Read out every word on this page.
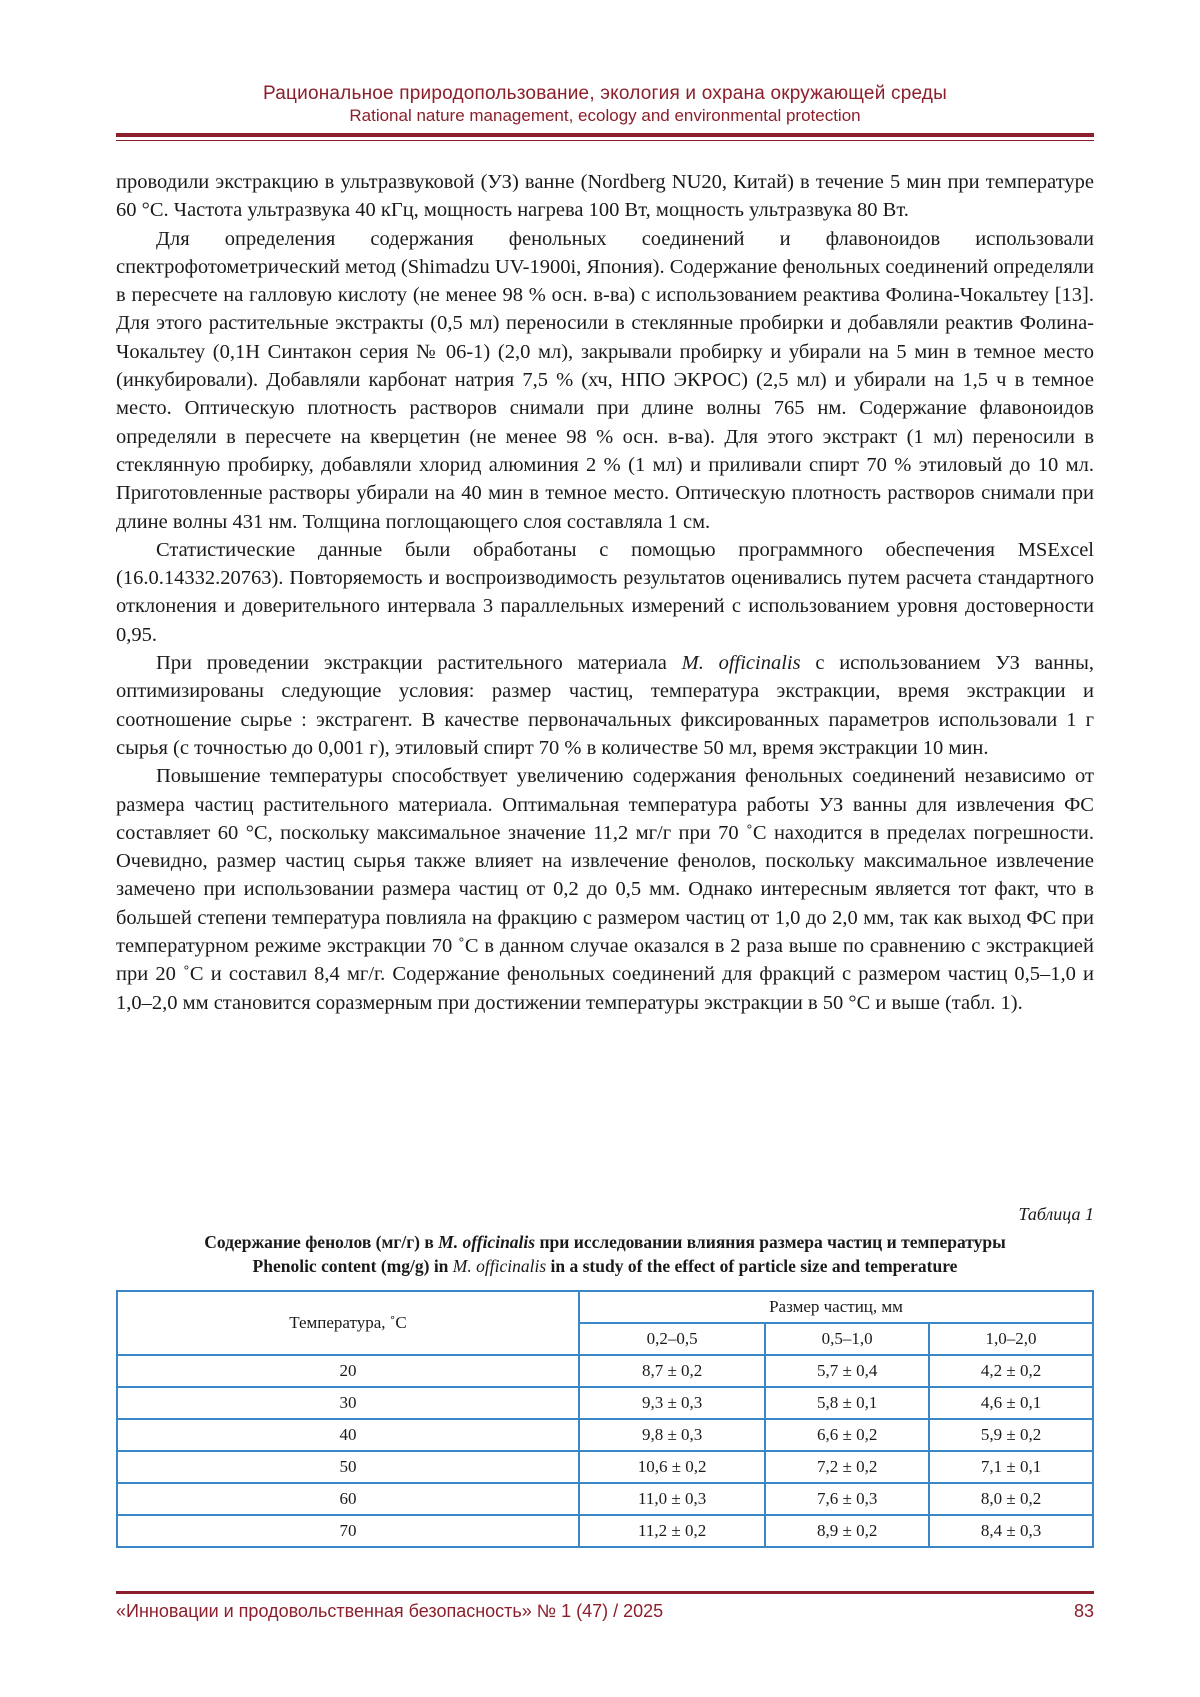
Рациональное природопользование, экология и охрана окружающей среды
Rational nature management, ecology and environmental protection

проводили экстракцию в ультразвуковой (УЗ) ванне (Nordberg NU20, Китай) в течение 5 мин при температуре 60 °С. Частота ультразвука 40 кГц, мощность нагрева 100 Вт, мощность ультразвука 80 Вт.

Для определения содержания фенольных соединений и флавоноидов использовали спектрофотометрический метод (Shimadzu UV-1900i, Япония). Содержание фенольных соединений определяли в пересчете на галловую кислоту (не менее 98 % осн. в-ва) с использованием реактива Фолина-Чокальтеу [13]. Для этого растительные экстракты (0,5 мл) переносили в стеклянные пробирки и добавляли реактив Фолина-Чокальтеу (0,1Н Синтакон серия № 06-1) (2,0 мл), закрывали пробирку и убирали на 5 мин в темное место (инкубировали). Добавляли карбонат натрия 7,5 % (хч, НПО ЭКРОС) (2,5 мл) и убирали на 1,5 ч в темное место. Оптическую плотность растворов снимали при длине волны 765 нм. Содержание флавоноидов определяли в пересчете на кверцетин (не менее 98 % осн. в-ва). Для этого экстракт (1 мл) переносили в стеклянную пробирку, добавляли хлорид алюминия 2 % (1 мл) и приливали спирт 70 % этиловый до 10 мл. Приготовленные растворы убирали на 40 мин в темное место. Оптическую плотность растворов снимали при длине волны 431 нм. Толщина поглощающего слоя составляла 1 см.

Статистические данные были обработаны с помощью программного обеспечения MSExcel (16.0.14332.20763). Повторяемость и воспроизводимость результатов оценивались путем расчета стандартного отклонения и доверительного интервала 3 параллельных измерений с использованием уровня достоверности 0,95.

При проведении экстракции растительного материала M. officinalis с использованием УЗ ванны, оптимизированы следующие условия: размер частиц, температура экстракции, время экстракции и соотношение сырье : экстрагент. В качестве первоначальных фиксированных параметров использовали 1 г сырья (с точностью до 0,001 г), этиловый спирт 70 % в количестве 50 мл, время экстракции 10 мин.

Повышение температуры способствует увеличению содержания фенольных соединений независимо от размера частиц растительного материала. Оптимальная температура работы УЗ ванны для извлечения ФС составляет 60 °С, поскольку максимальное значение 11,2 мг/г при 70 ˚С находится в пределах погрешности. Очевидно, размер частиц сырья также влияет на извлечение фенолов, поскольку максимальное извлечение замечено при использовании размера частиц от 0,2 до 0,5 мм. Однако интересным является тот факт, что в большей степени температура повлияла на фракцию с размером частиц от 1,0 до 2,0 мм, так как выход ФС при температурном режиме экстракции 70 ˚С в данном случае оказался в 2 раза выше по сравнению с экстракцией при 20 ˚С и составил 8,4 мг/г. Содержание фенольных соединений для фракций с размером частиц 0,5–1,0 и 1,0–2,0 мм становится соразмерным при достижении температуры экстракции в 50 °С и выше (табл. 1).

Таблица 1
Содержание фенолов (мг/г) в M. officinalis при исследовании влияния размера частиц и температуры
Phenolic content (mg/g) in M. officinalis in a study of the effect of particle size and temperature
Температура, ˚С	Размер частиц, мм		
	0,2–0,5	0,5–1,0	1,0–2,0
20	8,7 ± 0,2	5,7 ± 0,4	4,2 ± 0,2
30	9,3 ± 0,3	5,8 ± 0,1	4,6 ± 0,1
40	9,8 ± 0,3	6,6 ± 0,2	5,9 ± 0,2
50	10,6 ± 0,2	7,2 ± 0,2	7,1 ± 0,1
60	11,0 ± 0,3	7,6 ± 0,3	8,0 ± 0,2
70	11,2 ± 0,2	8,9 ± 0,2	8,4 ± 0,3
«Инновации и продовольственная безопасность» № 1 (47) / 2025	83
